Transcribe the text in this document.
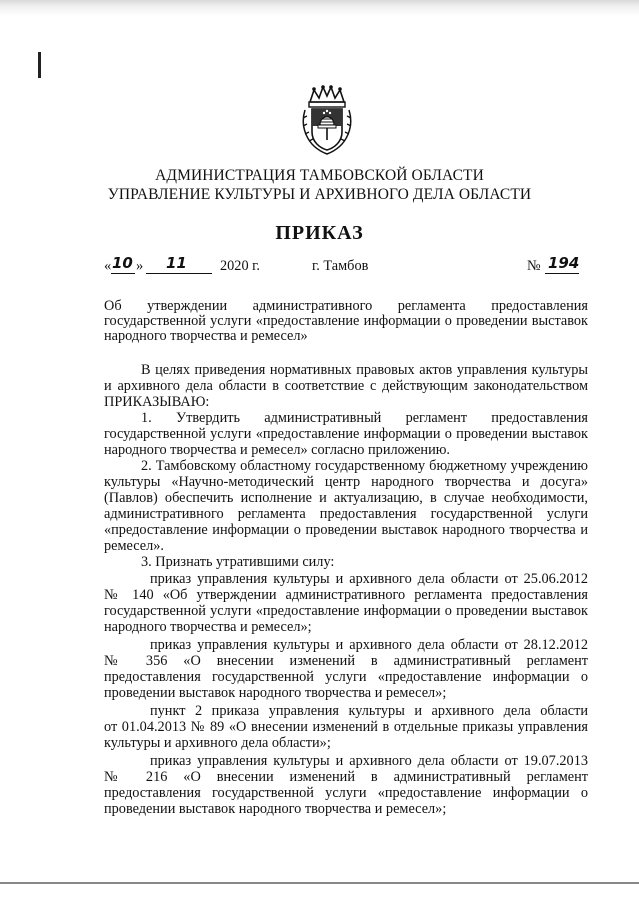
АДМИНИСТРАЦИЯ ТАМБОВСКОЙ ОБЛАСТИ
УПРАВЛЕНИЕ КУЛЬТУРЫ И АРХИВНОГО ДЕЛА ОБЛАСТИ
ПРИКАЗ
« 10 » 11 2020 г.	г. Тамбов	№ 194
Об утверждении административного регламента предоставления
государственной услуги «предоставление информации о проведении выставок
народного творчества и ремесел»
В целях приведения нормативных правовых актов управления культуры
и архивного дела области в соответствие с действующим законодательством
ПРИКАЗЫВАЮ:
1. Утвердить административный регламент предоставления
государственной услуги «предоставление информации о проведении выставок
народного творчества и ремесел» согласно приложению.
2. Тамбовскому областному государственному бюджетному учреждению
культуры «Научно-методический центр народного творчества и досуга»
(Павлов) обеспечить исполнение и актуализацию, в случае необходимости,
административного регламента предоставления государственной услуги
«предоставление информации о проведении выставок народного творчества и
ремесел».
3. Признать утратившими силу:
приказ управления культуры и архивного дела области от 25.06.2012
№ 140 «Об утверждении административного регламента предоставления
государственной услуги «предоставление информации о проведении выставок
народного творчества и ремесел»;
приказ управления культуры и архивного дела области от 28.12.2012
№ 356 «О внесении изменений в административный регламент
предоставления государственной услуги «предоставление информации о
проведении выставок народного творчества и ремесел»;
пункт 2 приказа управления культуры и архивного дела области
от 01.04.2013 № 89 «О внесении изменений в отдельные приказы управления
культуры и архивного дела области»;
приказ управления культуры и архивного дела области от 19.07.2013
№ 216 «О внесении изменений в административный регламент
предоставления государственной услуги «предоставление информации о
проведении выставок народного творчества и ремесел»;
